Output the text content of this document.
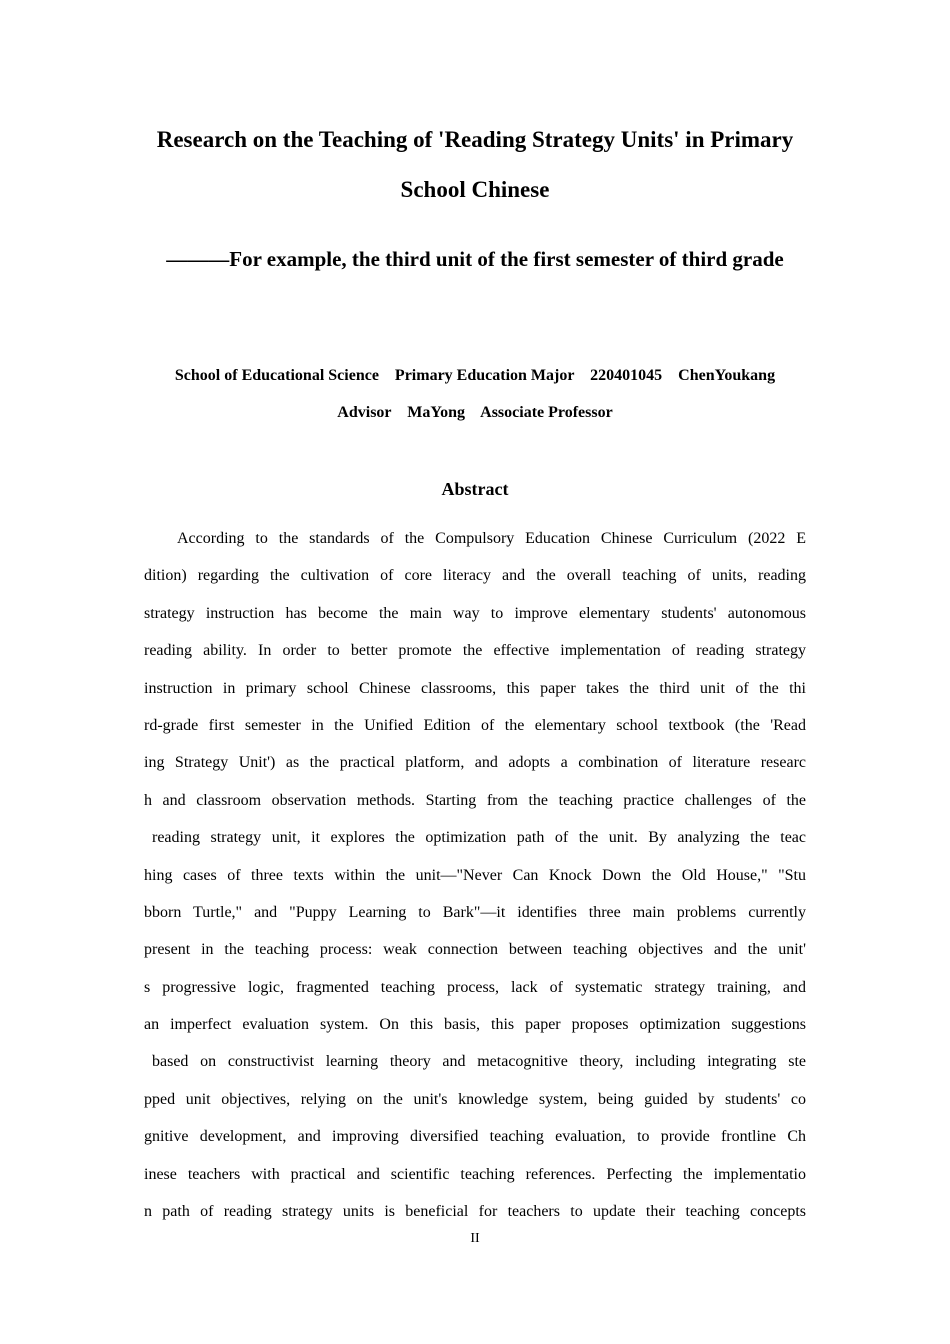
Research on the Teaching of 'Reading Strategy Units' in Primary
School Chinese
———For example, the third unit of the first semester of third grade
School of Educational Science    Primary Education Major    220401045    ChenYoukang
Advisor    MaYong    Associate Professor
Abstract
According to the standards of the Compulsory Education Chinese Curriculum (2022 E
dition) regarding the cultivation of core literacy and the overall teaching of units, reading
strategy instruction has become the main way to improve elementary students' autonomous
reading ability. In order to better promote the effective implementation of reading strategy
instruction in primary school Chinese classrooms, this paper takes the third unit of the thi
rd-grade first semester in the Unified Edition of the elementary school textbook (the 'Read
ing Strategy Unit') as the practical platform, and adopts a combination of literature researc
h and classroom observation methods. Starting from the teaching practice challenges of the
reading strategy unit, it explores the optimization path of the unit. By analyzing the teac
hing cases of three texts within the unit—"Never Can Knock Down the Old House," "Stu
bborn Turtle," and "Puppy Learning to Bark"—it identifies three main problems currently
present in the teaching process: weak connection between teaching objectives and the unit'
s progressive logic, fragmented teaching process, lack of systematic strategy training, and
an imperfect evaluation system. On this basis, this paper proposes optimization suggestions
based on constructivist learning theory and metacognitive theory, including integrating ste
pped unit objectives, relying on the unit's knowledge system, being guided by students' co
gnitive development, and improving diversified teaching evaluation, to provide frontline Ch
inese teachers with practical and scientific teaching references. Perfecting the implementatio
n path of reading strategy units is beneficial for teachers to update their teaching concepts
II
